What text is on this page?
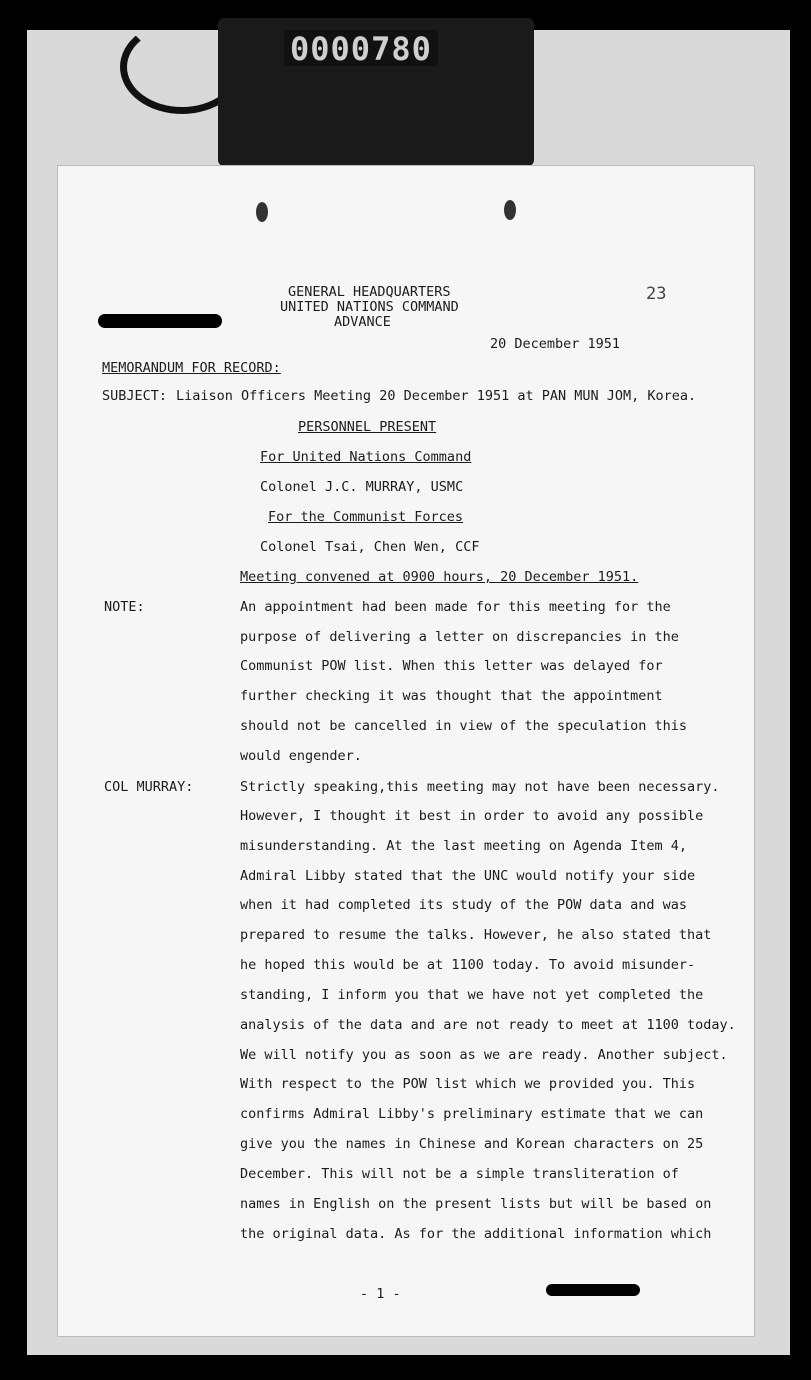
0000780
GENERAL HEADQUARTERS
UNITED NATIONS COMMAND
ADVANCE
23
20 December 1951
MEMORANDUM FOR RECORD:
SUBJECT: Liaison Officers Meeting 20 December 1951 at PAN MUN JOM, Korea.
PERSONNEL PRESENT
For United Nations Command
Colonel J.C. MURRAY, USMC
For the Communist Forces
Colonel Tsai, Chen Wen, CCF
Meeting convened at 0900 hours, 20 December 1951.
NOTE:	An appointment had been made for this meeting for the
purpose of delivering a letter on discrepancies in the
Communist POW list. When this letter was delayed for
further checking it was thought that the appointment
should not be cancelled in view of the speculation this
would engender.
COL MURRAY:	Strictly speaking,this meeting may not have been necessary.
However, I thought it best in order to avoid any possible
misunderstanding. At the last meeting on Agenda Item 4,
Admiral Libby stated that the UNC would notify your side
when it had completed its study of the POW data and was
prepared to resume the talks. However, he also stated that
he hoped this would be at 1100 today. To avoid misunder-
standing, I inform you that we have not yet completed the
analysis of the data and are not ready to meet at 1100 today.
We will notify you as soon as we are ready. Another subject.
With respect to the POW list which we provided you. This
confirms Admiral Libby's preliminary estimate that we can
give you the names in Chinese and Korean characters on 25
December. This will not be a simple transliteration of
names in English on the present lists but will be based on
the original data. As for the additional information which
- 1 -
